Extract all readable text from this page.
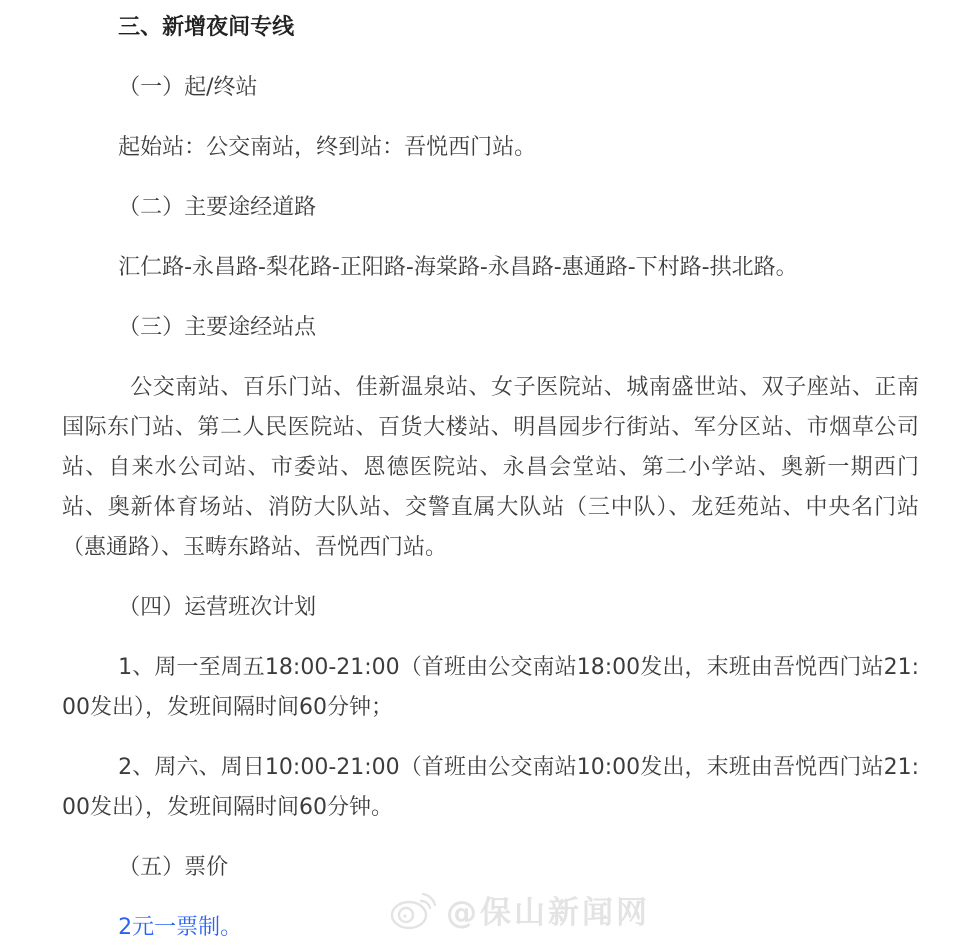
三、新增夜间专线

（一）起/终站

起始站：公交南站，终到站：吾悦西门站。

（二）主要途经道路

汇仁路-永昌路-梨花路-正阳路-海棠路-永昌路-惠通路-下村路-拱北路。

（三）主要途经站点

公交南站、百乐门站、佳新温泉站、女子医院站、城南盛世站、双子座站、正南国际东门站、第二人民医院站、百货大楼站、明昌园步行街站、军分区站、市烟草公司站、自来水公司站、市委站、恩德医院站、永昌会堂站、第二小学站、奥新一期西门站、奥新体育场站、消防大队站、交警直属大队站（三中队）、龙廷苑站、中央名门站（惠通路）、玉畴东路站、吾悦西门站。

（四）运营班次计划

1、周一至周五18:00-21:00（首班由公交南站18:00发出，末班由吾悦西门站21:00发出），发班间隔时间60分钟；

2、周六、周日10:00-21:00（首班由公交南站10:00发出，末班由吾悦西门站21:00发出），发班间隔时间60分钟。

（五）票价

2元一票制。	@保山新闻网
